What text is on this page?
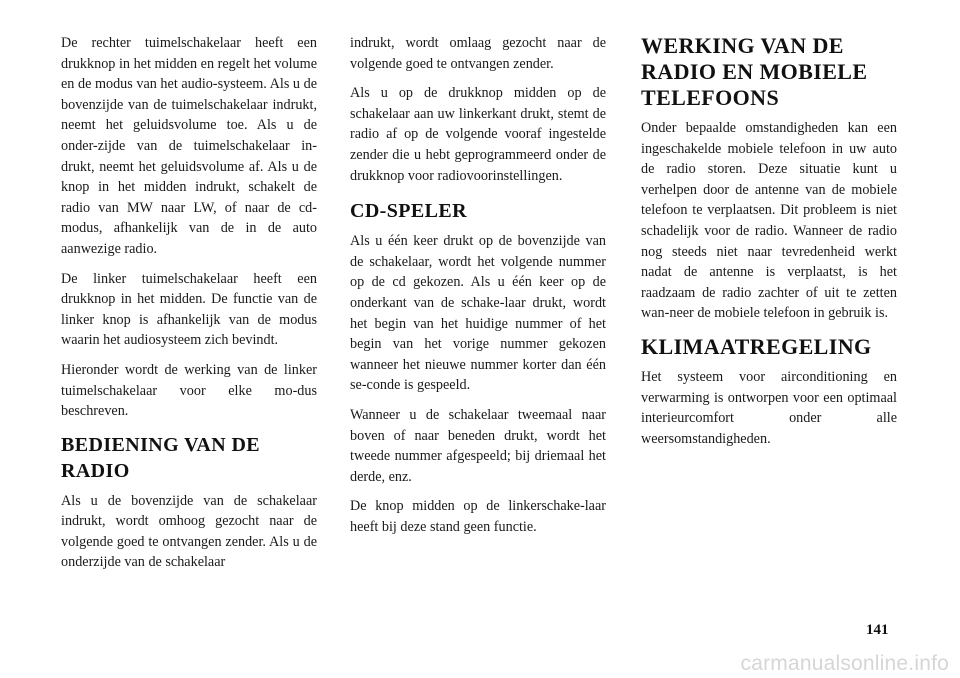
De rechter tuimelschakelaar heeft een drukknop in het midden en regelt het volume en de modus van het audio-systeem. Als u de bovenzijde van de tuimelschakelaar indrukt, neemt het geluidsvolume toe. Als u de onder-zijde van de tuimelschakelaar in-drukt, neemt het geluidsvolume af. Als u de knop in het midden indrukt, schakelt de radio van MW naar LW, of naar de cd-modus, afhankelijk van de in de auto aanwezige radio.

De linker tuimelschakelaar heeft een drukknop in het midden. De functie van de linker knop is afhankelijk van de modus waarin het audiosysteem zich bevindt.

Hieronder wordt de werking van de linker tuimelschakelaar voor elke mo-dus beschreven.

BEDIENING VAN DE RADIO

Als u de bovenzijde van de schakelaar indrukt, wordt omhoog gezocht naar de volgende goed te ontvangen zender. Als u de onderzijde van de schakelaar

indrukt, wordt omlaag gezocht naar de volgende goed te ontvangen zender.

Als u op de drukknop midden op de schakelaar aan uw linkerkant drukt, stemt de radio af op de volgende vooraf ingestelde zender die u hebt geprogrammeerd onder de drukknop voor radiovoorinstellingen.

CD-SPELER

Als u één keer drukt op de bovenzijde van de schakelaar, wordt het volgende nummer op de cd gekozen. Als u één keer op de onderkant van de schake-laar drukt, wordt het begin van het huidige nummer of het begin van het vorige nummer gekozen wanneer het nieuwe nummer korter dan één se-conde is gespeeld.

Wanneer u de schakelaar tweemaal naar boven of naar beneden drukt, wordt het tweede nummer afgespeeld; bij driemaal het derde, enz.

De knop midden op de linkerschake-laar heeft bij deze stand geen functie.

WERKING VAN DE RADIO EN MOBIELE TELEFOONS

Onder bepaalde omstandigheden kan een ingeschakelde mobiele telefoon in uw auto de radio storen. Deze situatie kunt u verhelpen door de antenne van de mobiele telefoon te verplaatsen. Dit probleem is niet schadelijk voor de radio. Wanneer de radio nog steeds niet naar tevredenheid werkt nadat de antenne is verplaatst, is het raadzaam de radio zachter of uit te zetten wan-neer de mobiele telefoon in gebruik is.

KLIMAATREGELING

Het systeem voor airconditioning en verwarming is ontworpen voor een optimaal interieurcomfort onder alle weersomstandigheden.

141
carmanualsonline.info
